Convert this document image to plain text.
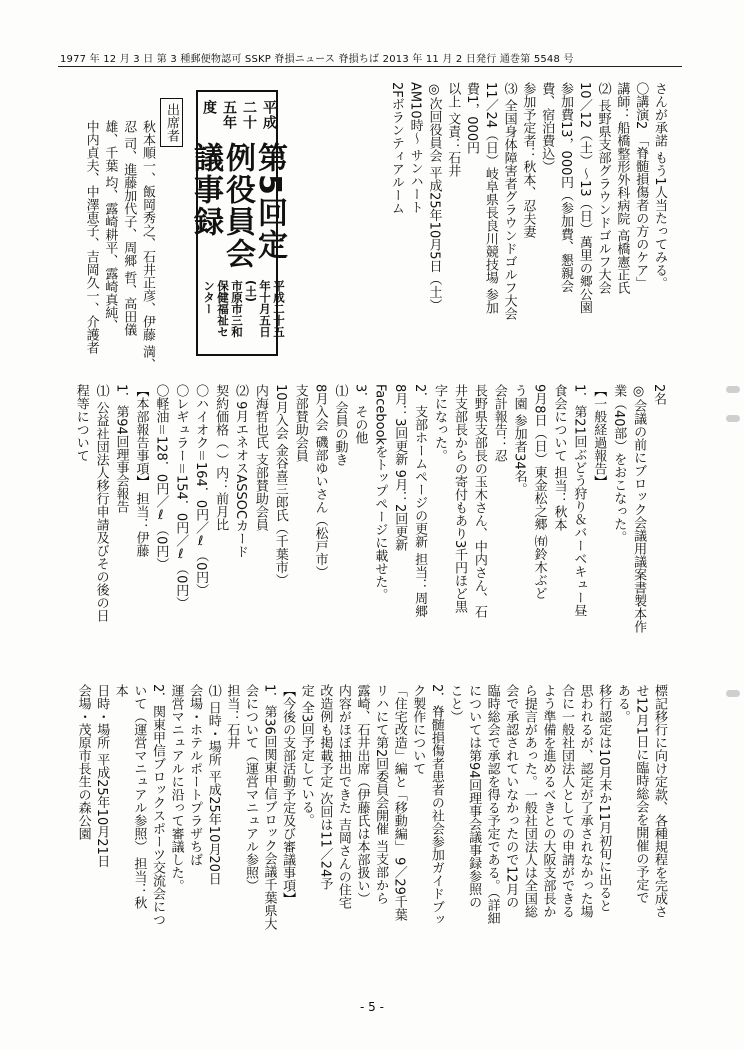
1977 年 12 月 3 日 第 3 種郵便物認可 SSKP 脊損ニュース 脊損ちば 2013 年 11 月 2 日発行 通巻第 5548 号

さんが承諾 もう1人当たってみる。

〇講演2 「脊髄損傷者の方のケア」

講師：船橋整形外科病院 高橋憲正氏

⑵ 長野県支部グラウンドゴルフ大会

10／12（土）～13（日）萬里の郷公園

参加費13，000円（参加費、懇親会

費、宿泊費込）

参加予定者：秋本、忍夫妻

⑶ 全国身体障害者グラウンドゴルフ大会

11／24（日）岐阜県長良川競技場 参加

費1，000円

以上 文責：石井

◎次回役員会 平成25年10月5日（土）

AM10時～ サンハート

2Fボランティアルーム

平成二十五年度
第5回定例役員会議事録
平成二十五年十月五日(土)
市原市三和保健福祉センター
出席者

秋本順一、飯岡秀之、石井正彦、伊藤 満、

忍 司、進藤加代子、周郷 哲、高田儀

雄、千葉 均、露崎耕平、露崎真純、

中内貞夫、中澤恵子、吉岡久一、介護者

2名

◎会議の前にブロック会議用議案書製本作

業（40部）をおこなった。

【一般経過報告】

1．第21回ぶどう狩り＆バーベキュー昼

食会について 担当：秋本

9月8日（日）東金松之郷 ㈲鈴木ぶど

う園 参加者34名。

会計報告：忍

長野県支部長の玉木さん、中内さん、石

井支部長からの寄付もあり3千円ほど黒

字になった。

2．支部ホームページの更新 担当：周郷

8月：3回更新 9月：2回更新

Facebookをトップページに載せた。

3．その他

⑴ 会員の動き

8月入会 磯部ゆいさん（松戸市）

支部賛助会員

10月入会 金谷喜三郎氏（千葉市）

内海哲也氏 支部賛助会員

⑵ 9月エネオスASSOCカード

契約価格（ ）内：前月比

〇ハイオク＝164．0円／ℓ（0円）

〇レギュラー＝154．0円／ℓ（0円）

〇軽油＝128．0円／ℓ（0円）

【本部報告事項】 担当：伊藤

1．第94回理事会報告

⑴ 公益社団法人移行申請及びその後の日

程等について

標記移行に向け定款、各種規程を完成さ

せ12月1日に臨時総会を開催の予定で

ある。

移行認定は10月末か11月初旬に出ると

思われるが、認定が了承されなかった場

合に一般社団法人としての申請ができる

よう準備を進めるべきとの大阪支部長か

ら提言があった。一般社団法人は全国総

会で承認されていなかったので12月の

臨時総会で承認を得る予定である。（詳細

については第94回理事会議事録参照の

こと）

2．脊髄損傷者患者の社会参加ガイドブッ

ク製作について

「住宅改造」編と「移動編」 9／29千葉

リハにて第2回委員会開催 当支部から

露崎、石井出席（伊藤氏は本部扱い）

内容がほぼ抽出できた 吉岡さんの住宅

改造例も掲載予定 次回は11／24予

定 全3回予定している。

【今後の支部活動予定及び審議事項】

1．第36回関東甲信ブロック会議千葉県大

会について（運営マニュアル参照）

担当：石井

⑴ 日時・場所 平成25年10月20日

会場・ホテルポートプラザちば

運営マニュアルに沿って審議した。

2．関東甲信ブロックスポーツ交流会につ

いて（運営マニュアル参照） 担当：秋

本

日時・場所 平成25年10月21日

会場・茂原市長生の森公園

- 5 -
